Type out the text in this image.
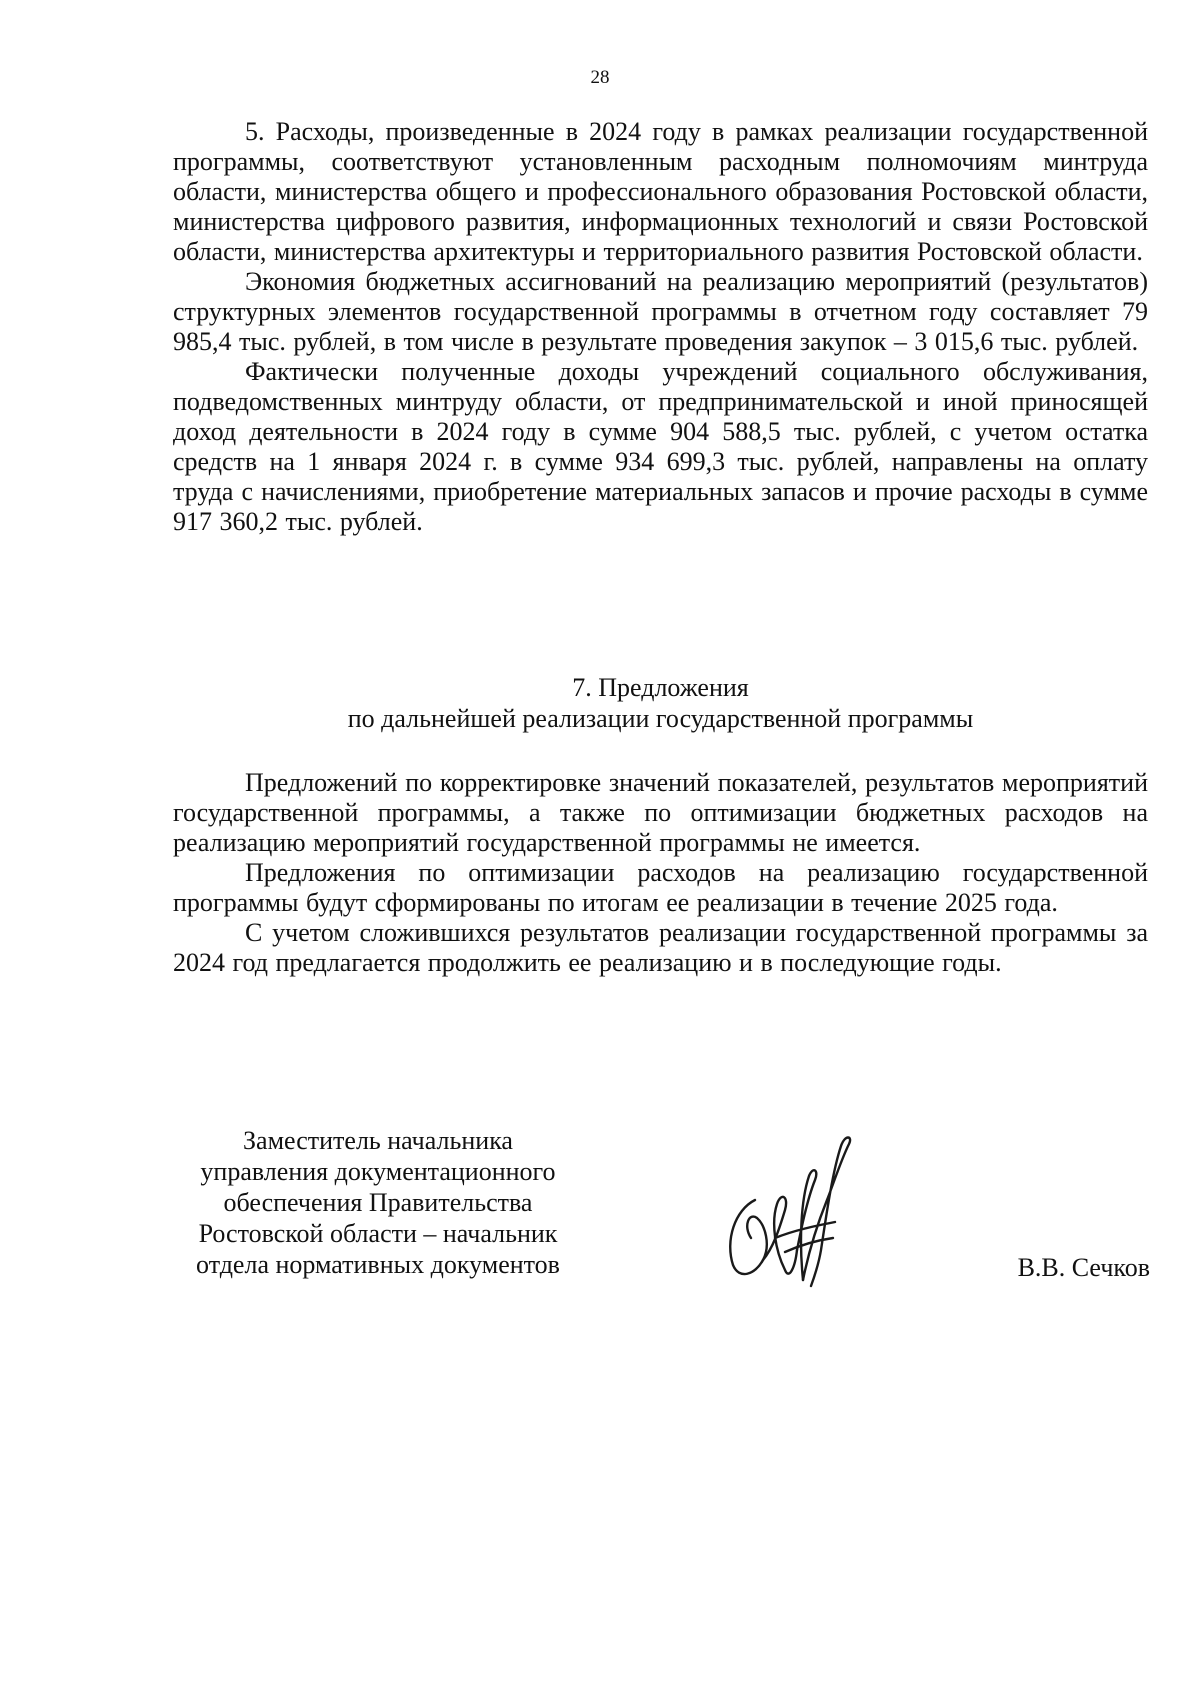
28

5. Расходы, произведенные в 2024 году в рамках реализации государственной программы, соответствуют установленным расходным полномочиям минтруда области, министерства общего и профессионального образования Ростовской области, министерства цифрового развития, информационных технологий и связи Ростовской области, министерства архитектуры и территориального развития Ростовской области.

Экономия бюджетных ассигнований на реализацию мероприятий (результатов) структурных элементов государственной программы в отчетном году составляет 79 985,4 тыс. рублей, в том числе в результате проведения закупок – 3 015,6 тыс. рублей.

Фактически полученные доходы учреждений социального обслуживания, подведомственных минтруду области, от предпринимательской и иной приносящей доход деятельности в 2024 году в сумме 904 588,5 тыс. рублей, с учетом остатка средств на 1 января 2024 г. в сумме 934 699,3 тыс. рублей, направлены на оплату труда с начислениями, приобретение материальных запасов и прочие расходы в сумме 917 360,2 тыс. рублей.

7. Предложения
по дальнейшей реализации государственной программы

Предложений по корректировке значений показателей, результатов мероприятий государственной программы, а также по оптимизации бюджетных расходов на реализацию мероприятий государственной программы не имеется.

Предложения по оптимизации расходов на реализацию государственной программы будут сформированы по итогам ее реализации в течение 2025 года.

С учетом сложившихся результатов реализации государственной программы за 2024 год предлагается продолжить ее реализацию и в последующие годы.

Заместитель начальника
управления документационного
обеспечения Правительства
Ростовской области – начальник
отдела нормативных документов	В.В. Сечков
